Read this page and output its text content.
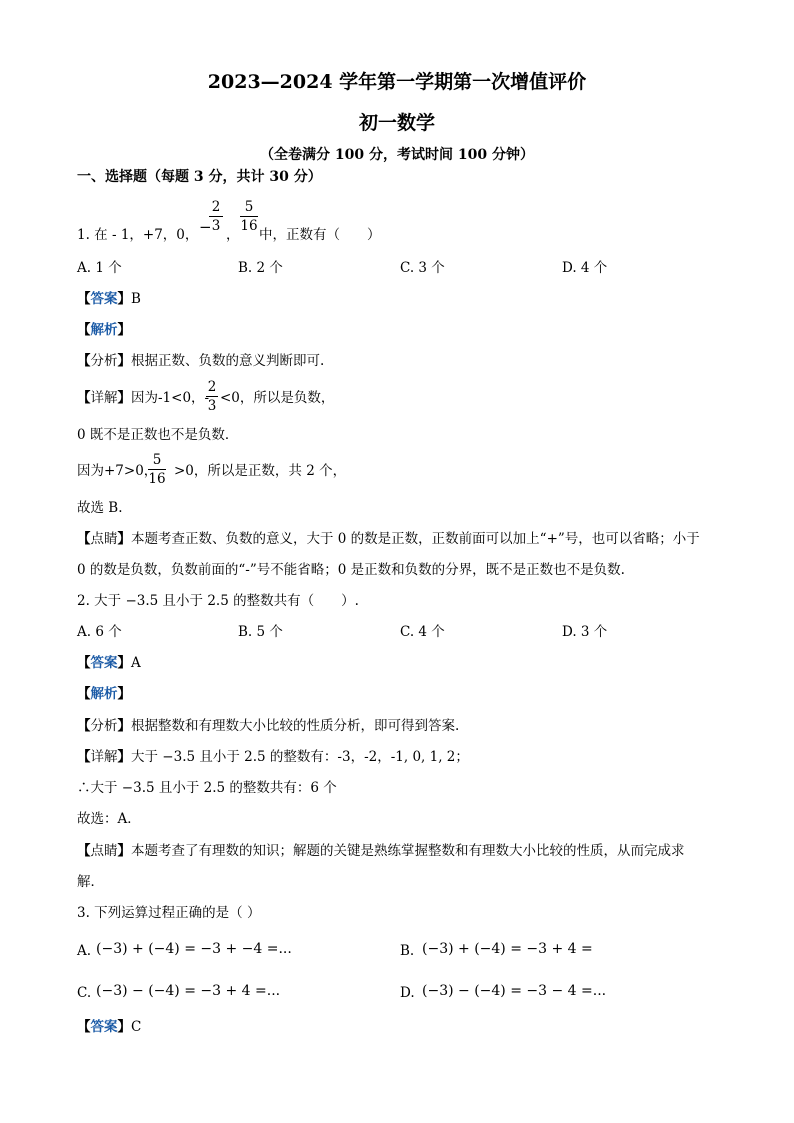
2023—2024 学年第一学期第一次增值评价
初一数学
（全卷满分 100 分，考试时间 100 分钟）
一、选择题（每题 3 分，共计 30 分）
1. 在 - 1，+7，0， −
2
3
，
5
16
中，正数有（　　）
A. 1 个	B. 2 个	C. 3 个	D. 4 个
【答案】B
【解析】
【分析】根据正数、负数的意义判断即可.
【详解】因为-1<0，-
2
3 <0，所以是负数，
0 既不是正数也不是负数．
因为+7>0，
5
16 >0，所以是正数，共 2 个，
故选 B.
【点睛】本题考查正数、负数的意义，大于 0 的数是正数，正数前面可以加上“+”号，也可以省略；小于
0 的数是负数，负数前面的“-”号不能省略；0 是正数和负数的分界，既不是正数也不是负数.
2. 大于 −3.5 且小于 2.5 的整数共有（　　）.
A. 6 个	B. 5 个	C. 4 个	D. 3 个
【答案】A
【解析】
【分析】根据整数和有理数大小比较的性质分析，即可得到答案.
【详解】大于 −3.5 且小于 2.5 的整数有：-3，-2，-1, 0, 1, 2；
∴大于 −3.5 且小于 2.5 的整数共有：6 个
故选：A．
【点睛】本题考查了有理数的知识；解题的关键是熟练掌握整数和有理数大小比较的性质，从而完成求
解．
3. 下列运算过程正确的是（ ）
A. (−3) + (−4) = −3 + −4 =...	B. (−3) + (−4) = −3 + 4 =
C. (−3) − (−4) = −3 + 4 =...	D. (−3) − (−4) = −3 − 4 =...
【答案】C
